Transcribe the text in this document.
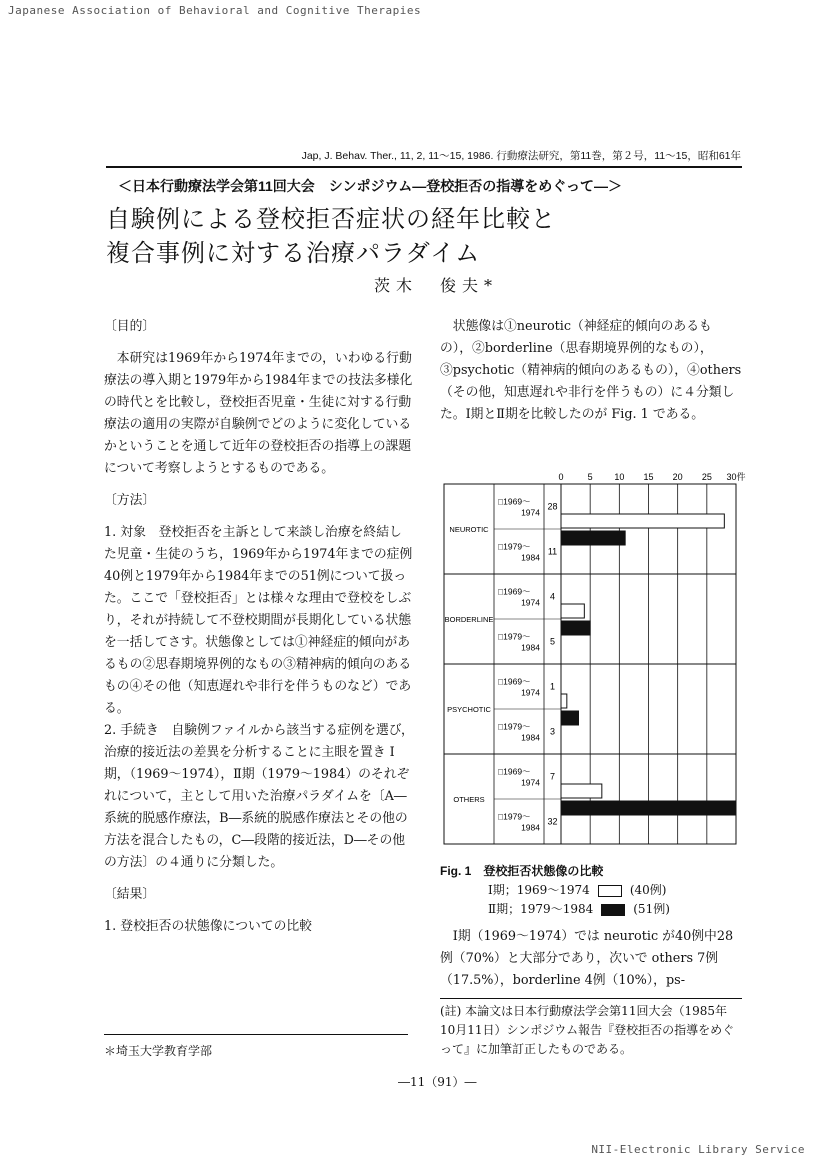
Japanese Association of Behavioral and Cognitive Therapies
Jap, J. Behav. Ther., 11, 2, 11～15, 1986. 行動療法研究，第11巻，第２号，11～15，昭和61年
＜日本行動療法学会第11回大会　シンポジウム―登校拒否の指導をめぐって―＞
自験例による登校拒否症状の経年比較と
複合事例に対する治療パラダイム
茨木　俊夫*

〔目的〕

本研究は1969年から1974年までの，いわゆる行動療法の導入期と1979年から1984年までの技法多様化の時代とを比較し，登校拒否児童・生徒に対する行動療法の適用の実際が自験例でどのように変化しているかということを通して近年の登校拒否の指導上の課題について考察しようとするものである。

〔方法〕

1. 対象　登校拒否を主訴として来談し治療を終結した児童・生徒のうち，1969年から1974年までの症例40例と1979年から1984年までの51例について扱った。ここで「登校拒否」とは様々な理由で登校をしぶり，それが持続して不登校期間が長期化している状態を一括してさす。状態像としては①神経症的傾向があるもの②思春期境界例的なもの③精神病的傾向のあるもの④その他（知恵遅れや非行を伴うものなど）である。

2. 手続き　自験例ファイルから該当する症例を選び，治療的接近法の差異を分析することに主眼を置き Ⅰ期，（1969～1974），Ⅱ期（1979～1984）のそれぞれについて，主として用いた治療パラダイムを〔A―系統的脱感作療法，B―系統的脱感作療法とその他の方法を混合したもの，C―段階的接近法，D―その他の方法〕の４通りに分類した。

〔結果〕

1. 登校拒否の状態像についての比較

状態像は①neurotic（神経症的傾向のあるもの），②borderline（思春期境界例的なもの），③psychotic（精神病的傾向のあるもの），④others（その他，知恵遅れや非行を伴うもの）に４分類した。Ⅰ期とⅡ期を比較したのが Fig. 1 である。

0	5 10 15 20 25 30件
NEUROTIC
□1969～
1974
28
□1979～
1984
11
BORDERLINE
□1969～
1974
4
□1979～
1984
5
PSYCHOTIC
□1969～
1974
1
□1979～
1984
3
OTHERS
□1969～
1974
7
□1979～
1984
32
Fig. 1　登校拒否状態像の比較
Ⅰ期；1969～1974	(40例)
Ⅱ期；1979～1984	(51例)

Ⅰ期（1969～1974）では neurotic が40例中28例（70%）と大部分であり，次いで others 7例（17.5%），borderline 4例（10%），ps-

(註) 本論文は日本行動療法学会第11回大会（1985年10月11日）シンポジウム報告『登校拒否の指導をめぐって』に加筆訂正したものである。
＊埼玉大学教育学部
―11（91）―
NII-Electronic Library Service
